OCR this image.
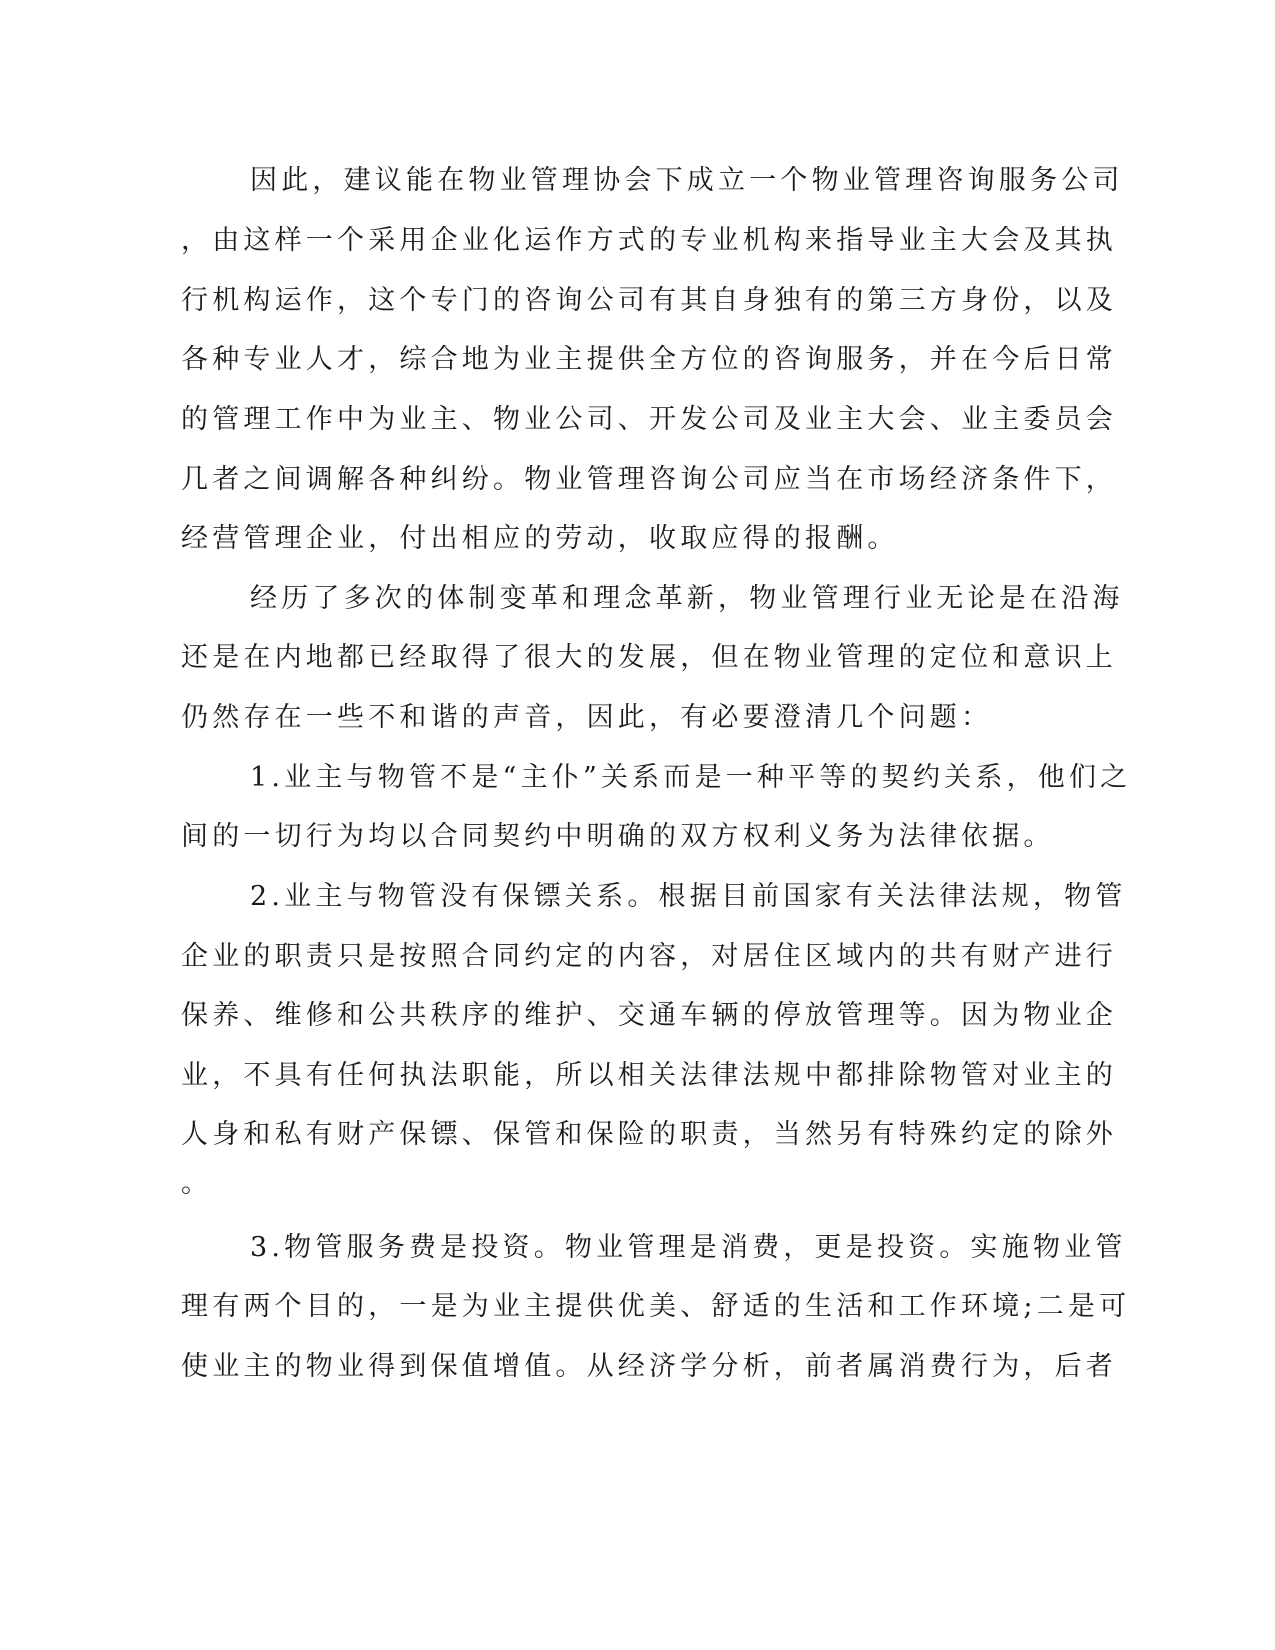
因此，建议能在物业管理协会下成立一个物业管理咨询服务公司
，由这样一个采用企业化运作方式的专业机构来指导业主大会及其执
行机构运作，这个专门的咨询公司有其自身独有的第三方身份，以及
各种专业人才，综合地为业主提供全方位的咨询服务，并在今后日常
的管理工作中为业主、物业公司、开发公司及业主大会、业主委员会
几者之间调解各种纠纷。物业管理咨询公司应当在市场经济条件下，
经营管理企业，付出相应的劳动，收取应得的报酬。
经历了多次的体制变革和理念革新，物业管理行业无论是在沿海
还是在内地都已经取得了很大的发展，但在物业管理的定位和意识上
仍然存在一些不和谐的声音，因此，有必要澄清几个问题：
1.业主与物管不是“主仆”关系而是一种平等的契约关系，他们之
间的一切行为均以合同契约中明确的双方权利义务为法律依据。
2.业主与物管没有保镖关系。根据目前国家有关法律法规，物管
企业的职责只是按照合同约定的内容，对居住区域内的共有财产进行
保养、维修和公共秩序的维护、交通车辆的停放管理等。因为物业企
业，不具有任何执法职能，所以相关法律法规中都排除物管对业主的
人身和私有财产保镖、保管和保险的职责，当然另有特殊约定的除外
。
3.物管服务费是投资。物业管理是消费，更是投资。实施物业管
理有两个目的，一是为业主提供优美、舒适的生活和工作环境;二是可
使业主的物业得到保值增值。从经济学分析，前者属消费行为，后者
